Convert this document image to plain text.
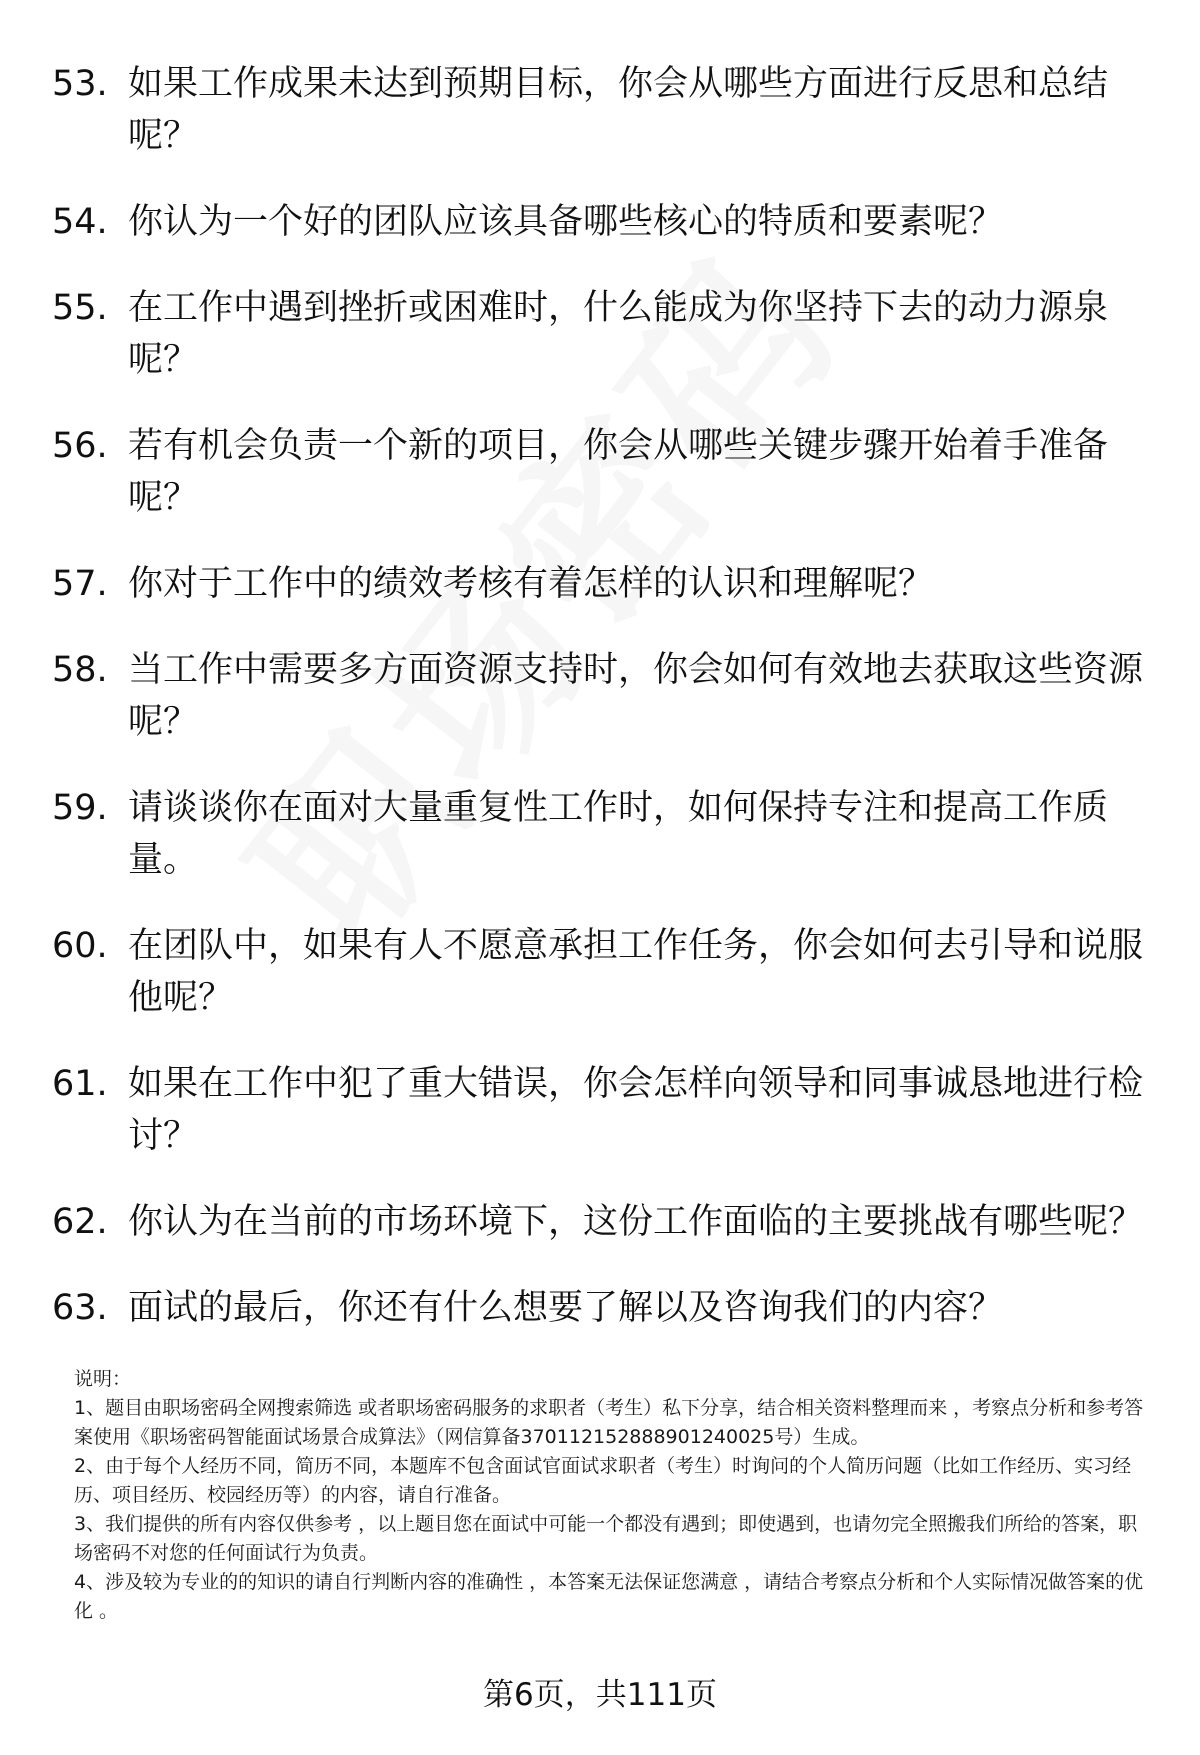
53. 如果工作成果未达到预期目标，你会从哪些方面进行反思和总结呢？
54. 你认为一个好的团队应该具备哪些核心的特质和要素呢？
55. 在工作中遇到挫折或困难时，什么能成为你坚持下去的动力源泉呢？
56. 若有机会负责一个新的项目，你会从哪些关键步骤开始着手准备呢？
57. 你对于工作中的绩效考核有着怎样的认识和理解呢？
58. 当工作中需要多方面资源支持时，你会如何有效地去获取这些资源呢？
59. 请谈谈你在面对大量重复性工作时，如何保持专注和提高工作质量。
60. 在团队中，如果有人不愿意承担工作任务，你会如何去引导和说服他呢？
61. 如果在工作中犯了重大错误，你会怎样向领导和同事诚恳地进行检讨？
62. 你认为在当前的市场环境下，这份工作面临的主要挑战有哪些呢？
63. 面试的最后，你还有什么想要了解以及咨询我们的内容？

说明：

1、题目由职场密码全网搜索筛选 或者职场密码服务的求职者（考生）私下分享，结合相关资料整理而来 ，考察点分析和参考答案使用《职场密码智能面试场景合成算法》（网信算备370112152888901240025号）生成。

2、由于每个人经历不同，简历不同，本题库不包含面试官面试求职者（考生）时询问的个人简历问题（比如工作经历、实习经历、项目经历、校园经历等）的内容，请自行准备。

3、我们提供的所有内容仅供参考 ，以上题目您在面试中可能一个都没有遇到；即使遇到，也请勿完全照搬我们所给的答案，职场密码不对您的任何面试行为负责。

4、涉及较为专业的的知识的请自行判断内容的准确性 ，本答案无法保证您满意 ，请结合考察点分析和个人实际情况做答案的优化 。

第6页，共111页
